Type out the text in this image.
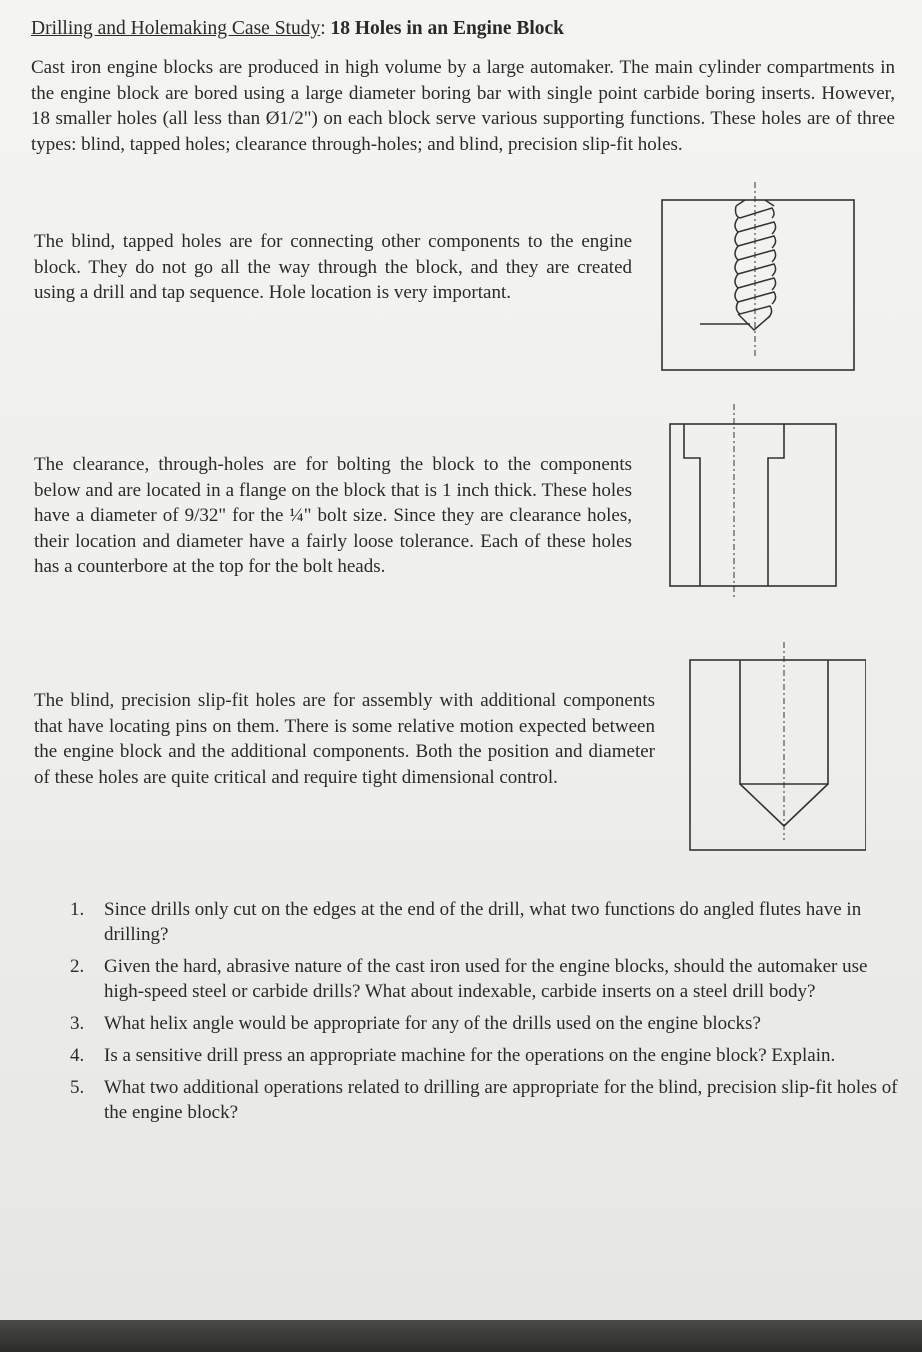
Drilling and Holemaking Case Study: 18 Holes in an Engine Block

Cast iron engine blocks are produced in high volume by a large automaker. The main cylinder compartments in the engine block are bored using a large diameter boring bar with single point carbide boring inserts. However, 18 smaller holes (all less than Ø1/2") on each block serve various supporting functions. These holes are of three types: blind, tapped holes; clearance through-holes; and blind, precision slip-fit holes.

The blind, tapped holes are for connecting other components to the engine block. They do not go all the way through the block, and they are created using a drill and tap sequence. Hole location is very important.

The clearance, through-holes are for bolting the block to the components below and are located in a flange on the block that is 1 inch thick. These holes have a diameter of 9/32" for the ¼" bolt size. Since they are clearance holes, their location and diameter have a fairly loose tolerance. Each of these holes has a counterbore at the top for the bolt heads.

The blind, precision slip-fit holes are for assembly with additional components that have locating pins on them. There is some relative motion expected between the engine block and the additional components. Both the position and diameter of these holes are quite critical and require tight dimensional control.

1. Since drills only cut on the edges at the end of the drill, what two functions do angled flutes have in drilling?
2. Given the hard, abrasive nature of the cast iron used for the engine blocks, should the automaker use high-speed steel or carbide drills? What about indexable, carbide inserts on a steel drill body?
3. What helix angle would be appropriate for any of the drills used on the engine blocks?
4. Is a sensitive drill press an appropriate machine for the operations on the engine block? Explain.
5. What two additional operations related to drilling are appropriate for the blind, precision slip-fit holes of the engine block?
